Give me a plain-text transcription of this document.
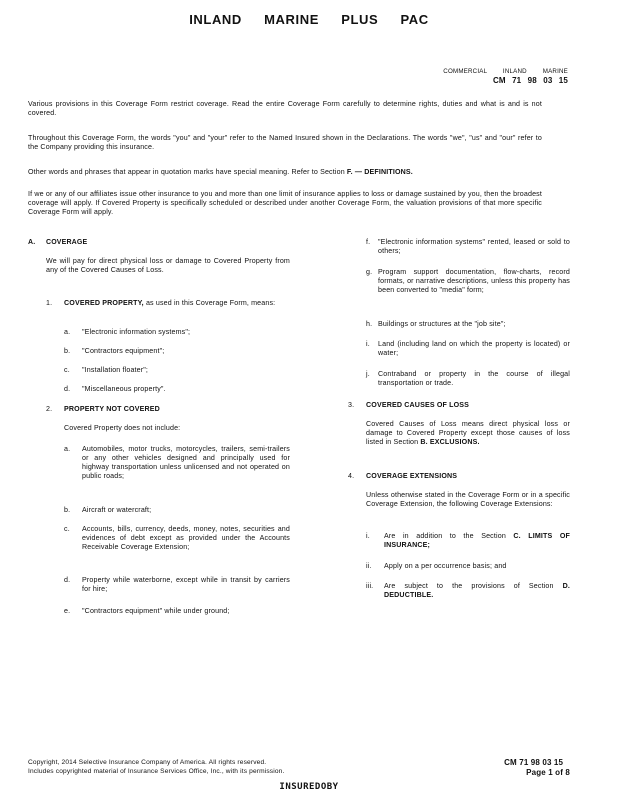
INLAND MARINE PLUS PAC
COMMERCIAL INLAND MARINE
CM 71 98 03 15
Various provisions in this Coverage Form restrict coverage. Read the entire Coverage Form carefully to determine rights, duties and what is and is not covered.
Throughout this Coverage Form, the words "you" and "your" refer to the Named Insured shown in the Declarations. The words "we", "us" and "our" refer to the Company providing this insurance.
Other words and phrases that appear in quotation marks have special meaning. Refer to Section F. — DEFINITIONS.
If we or any of our affiliates issue other insurance to you and more than one limit of insurance applies to loss or damage sustained by you, then the broadest coverage will apply. If Covered Property is specifically scheduled or described under another Coverage Form, the valuation provisions of that more specific Coverage Form will apply.
A. COVERAGE
We will pay for direct physical loss or damage to Covered Property from any of the Covered Causes of Loss.
1. COVERED PROPERTY, as used in this Coverage Form, means:
a. "Electronic information systems";
b. "Contractors equipment";
c. "Installation floater";
d. "Miscellaneous property".
2. PROPERTY NOT COVERED
Covered Property does not include:
a. Automobiles, motor trucks, motorcycles, trailers, semi-trailers or any other vehicles designed and principally used for highway transportation unless unlicensed and not operated on public roads;
b. Aircraft or watercraft;
c. Accounts, bills, currency, deeds, money, notes, securities and evidences of debt except as provided under the Accounts Receivable Coverage Extension;
d. Property while waterborne, except while in transit by carriers for hire;
e. "Contractors equipment" while under ground;
f. "Electronic information systems" rented, leased or sold to others;
g. Program support documentation, flow-charts, record formats, or narrative descriptions, unless this property has been converted to "media" form;
h. Buildings or structures at the "job site";
i. Land (including land on which the property is located) or water;
j. Contraband or property in the course of illegal transportation or trade.
3. COVERED CAUSES OF LOSS
Covered Causes of Loss means direct physical loss or damage to Covered Property except those causes of loss listed in Section B. EXCLUSIONS.
4. COVERAGE EXTENSIONS
Unless otherwise stated in the Coverage Form or in a specific Coverage Extension, the following Coverage Extensions:
i. Are in addition to the Section C. LIMITS OF INSURANCE;
ii. Apply on a per occurrence basis; and
iii. Are subject to the provisions of Section D. DEDUCTIBLE.
Copyright, 2014 Selective Insurance Company of America. All rights reserved.
Includes copyrighted material of Insurance Services Office, Inc., with its permission.
CM 71 98 03 15
Page 1 of 8
INSUREDOBY
